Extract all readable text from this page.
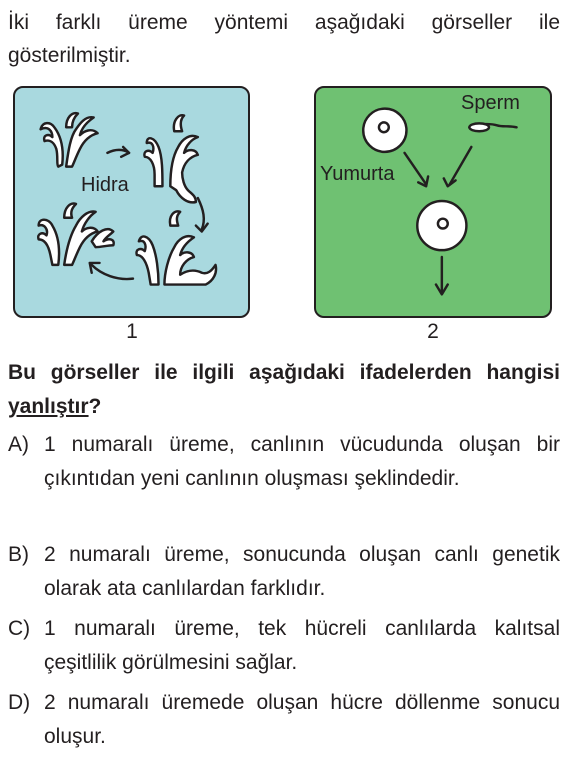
İki farklı üreme yöntemi aşağıdaki görseller ile gösterilmiştir.
Hidra
1
Sperm
Yumurta
2
Bu görseller ile ilgili aşağıdaki ifadelerden hangisi yanlıştır?
A) 1 numaralı üreme, canlının vücudunda oluşan bir çıkıntıdan yeni canlının oluşması şeklindedir.
B) 2 numaralı üreme, sonucunda oluşan canlı genetik olarak ata canlılardan farklıdır.
C) 1 numaralı üreme, tek hücreli canlılarda kalıtsal çeşitlilik görülmesini sağlar.
D) 2 numaralı üremede oluşan hücre döllenme sonucu oluşur.
